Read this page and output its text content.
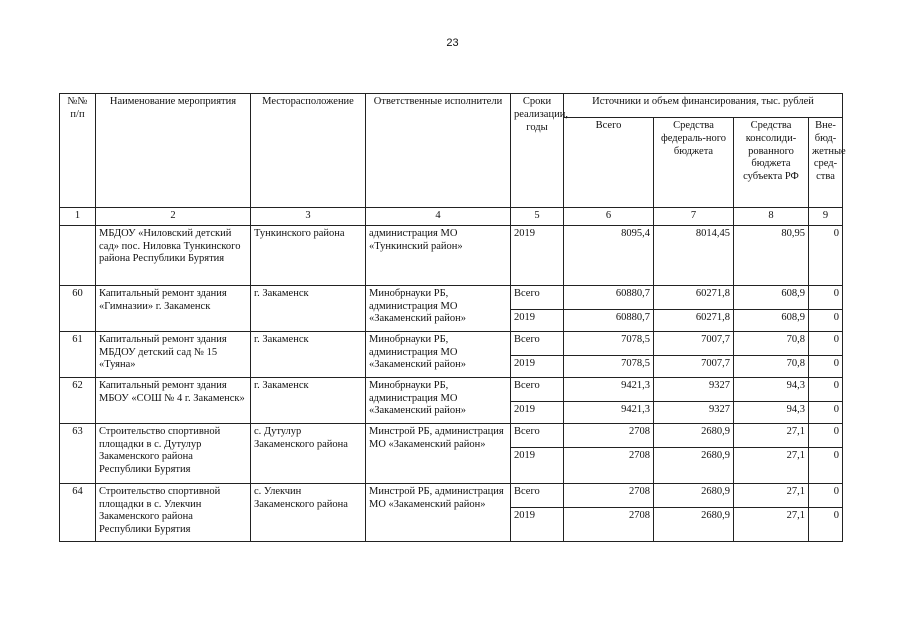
23
№№ п/п	Наименование мероприятия	Месторасположение	Ответственные исполнители	Сроки реализации, годы	Источники и объем финансирования, тыс. рублей			
					Всего	Средства федераль-ного бюджета	Средства консолиди-рованного бюджета субъекта РФ	Вне-бюд-жетные сред-ства
1	2	3	4	5	6	7	8	9
	МБДОУ «Ниловский детский сад» пос. Ниловка Тункинского района Республики Бурятия	Тункинского района	администрация МО «Тункинский район»	2019	8095,4	8014,45	80,95	0
60	Капитальный ремонт здания «Гимназии» г. Закаменск	г. Закаменск	Минобрнауки РБ, администрация МО «Закаменский район»	Всего	60880,7	60271,8	608,9	0
				2019	60880,7	60271,8	608,9	0
61	Капитальный ремонт здания МБДОУ детский сад № 15 «Туяна»	г. Закаменск	Минобрнауки РБ, администрация МО «Закаменский район»	Всего	7078,5	7007,7	70,8	0
				2019	7078,5	7007,7	70,8	0
62	Капитальный ремонт здания МБОУ «СОШ № 4 г. Закаменск»	г. Закаменск	Минобрнауки РБ, администрация МО «Закаменский район»	Всего	9421,3	9327	94,3	0
				2019	9421,3	9327	94,3	0
63	Строительство спортивной площадки в с. Дутулур Закаменского района Республики Бурятия	с. Дутулур Закаменского района	Минстрой РБ, администрация МО «Закаменский район»	Всего	2708	2680,9	27,1	0
				2019	2708	2680,9	27,1	0
64	Строительство спортивной площадки в с. Улекчин Закаменского района Республики Бурятия	с. Улекчин Закаменского района	Минстрой РБ, администрация МО «Закаменский район»	Всего	2708	2680,9	27,1	0
				2019	2708	2680,9	27,1	0
